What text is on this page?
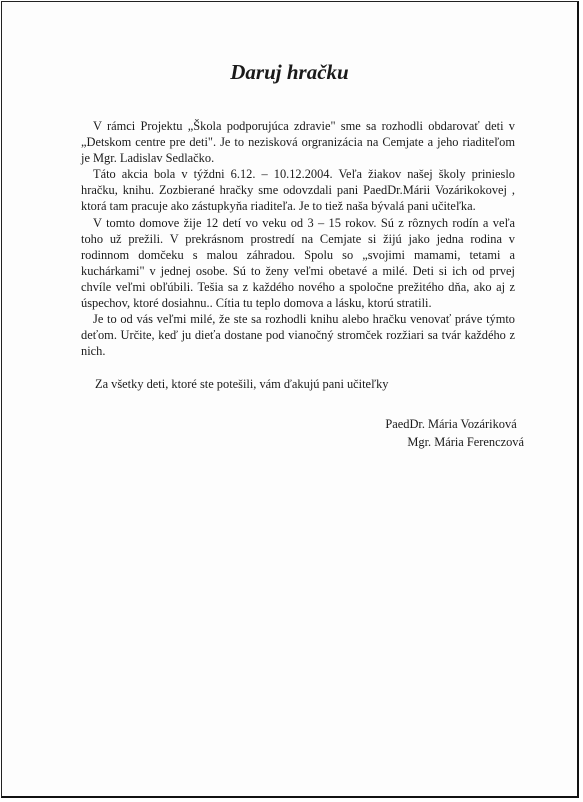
Daruj hračku

V rámci Projektu „Škola podporujúca zdravie" sme sa rozhodli obdarovať deti v „Detskom centre pre deti". Je to nezisková orgranizácia na Cemjate a jeho riaditeľom je Mgr. Ladislav Sedlačko.

Táto akcia bola v týždni 6.12. – 10.12.2004. Veľa žiakov našej školy prinieslo hračku, knihu. Zozbierané hračky sme odovzdali pani PaedDr.Márii Vozárikokovej , ktorá tam pracuje ako zástupkyňa riaditeľa. Je to tiež naša bývalá pani učiteľka.

V tomto domove žije 12 detí vo veku od 3 – 15 rokov. Sú z rôznych rodín a veľa toho už prežili. V prekrásnom prostredí na Cemjate si žijú jako jedna rodina v rodinnom domčeku s malou záhradou. Spolu so „svojimi mamami, tetami a kuchárkami" v jednej osobe. Sú to ženy veľmi obetavé a milé. Deti si ich od prvej chvíle veľmi obľúbili. Tešia sa z každého nového a spoločne prežitého dňa, ako aj z úspechov, ktoré dosiahnu.. Cítia tu teplo domova a lásku, ktorú stratili.

Je to od vás veľmi milé, že ste sa rozhodli knihu alebo hračku venovať práve týmto deťom. Určite, keď ju dieťa dostane pod vianočný stromček rozžiari sa tvár každého z nich.

Za všetky deti, ktoré ste potešili, vám ďakujú pani učiteľky
PaedDr. Mária Vozáriková
Mgr. Mária Ferenczová
